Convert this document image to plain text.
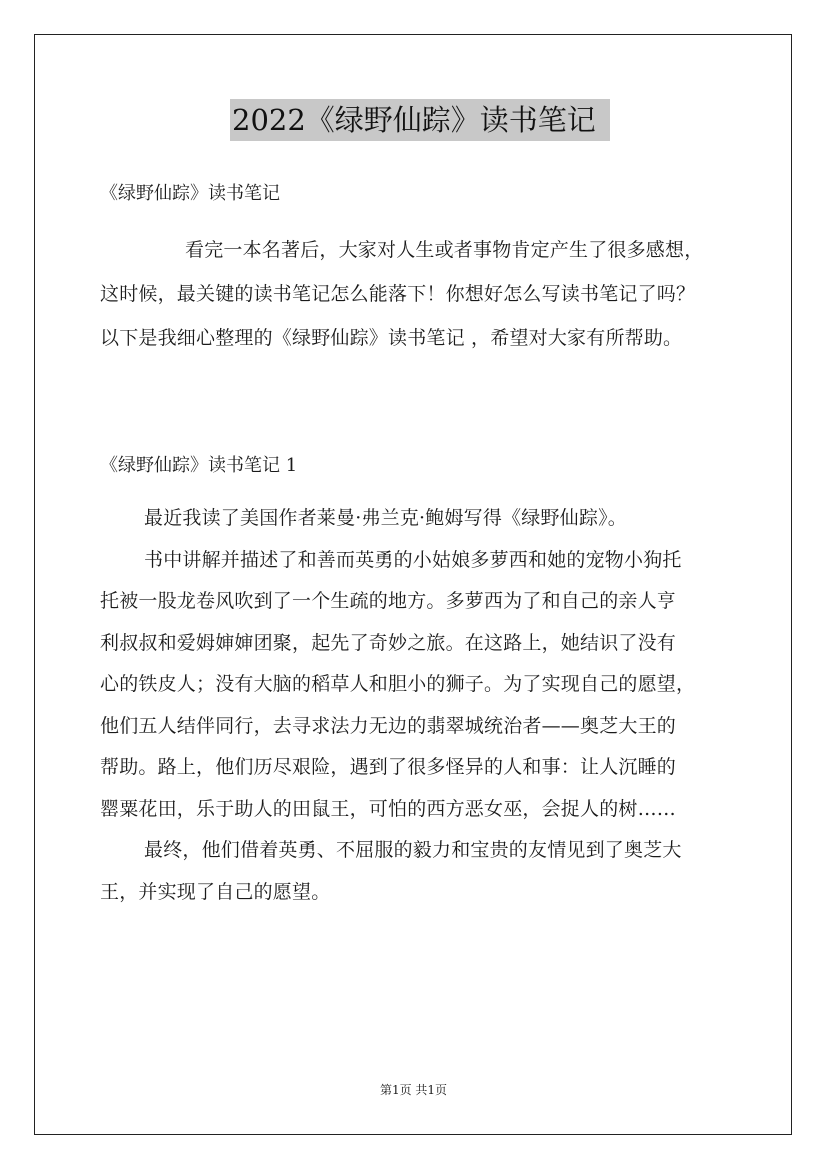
2022《绿野仙踪》读书笔记
《绿野仙踪》读书笔记
看完一本名著后，大家对人生或者事物肯定产生了很多感想，
这时候，最关键的读书笔记怎么能落下！你想好怎么写读书笔记了吗？
以下是我细心整理的《绿野仙踪》读书笔记 ，希望对大家有所帮助。
《绿野仙踪》读书笔记 1
最近我读了美国作者莱曼·弗兰克·鲍姆写得《绿野仙踪》。
书中讲解并描述了和善而英勇的小姑娘多萝西和她的宠物小狗托
托被一股龙卷风吹到了一个生疏的地方。多萝西为了和自己的亲人亨
利叔叔和爱姆婶婶团聚，起先了奇妙之旅。在这路上，她结识了没有
心的铁皮人；没有大脑的稻草人和胆小的狮子。为了实现自己的愿望，
他们五人结伴同行，去寻求法力无边的翡翠城统治者——奥芝大王的
帮助。路上，他们历尽艰险，遇到了很多怪异的人和事：让人沉睡的
罂粟花田，乐于助人的田鼠王，可怕的西方恶女巫，会捉人的树……
最终，他们借着英勇、不屈服的毅力和宝贵的友情见到了奥芝大
王，并实现了自己的愿望。
第1页 共1页
